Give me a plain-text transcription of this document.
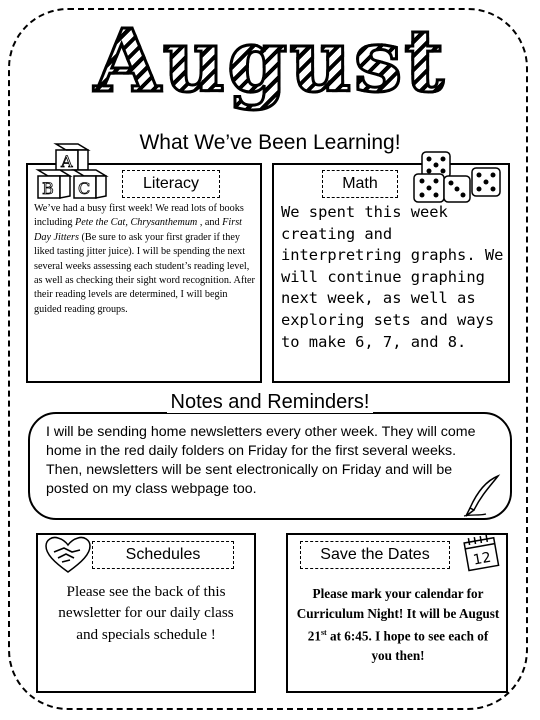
August
What We’ve Been Learning!
A
B C	Literacy
We’ve had a busy first week! We read lots of books including Pete the Cat, Chrysanthemum , and First Day Jitters (Be sure to ask your first grader if they liked tasting jitter juice). I will be spending the next several weeks assessing each student’s reading level, as well as checking their sight word recognition. After their reading levels are determined, I will begin guided reading groups.
Math
We spent this week creating and interpretring graphs. We will continue graphing next week, as well as exploring sets and ways to make 6, 7, and 8.
Notes and Reminders!
I will be sending home newsletters every other week. They will come home in the red daily folders on Friday for the first several weeks. Then, newsletters will be sent electronically on Friday and will be posted on my class webpage too.
Schedules
Please see the back of this newsletter for our daily class and specials schedule !
Save the Dates	12
Please mark your calendar for Curriculum Night! It will be August 21st at 6:45. I hope to see each of you then!
